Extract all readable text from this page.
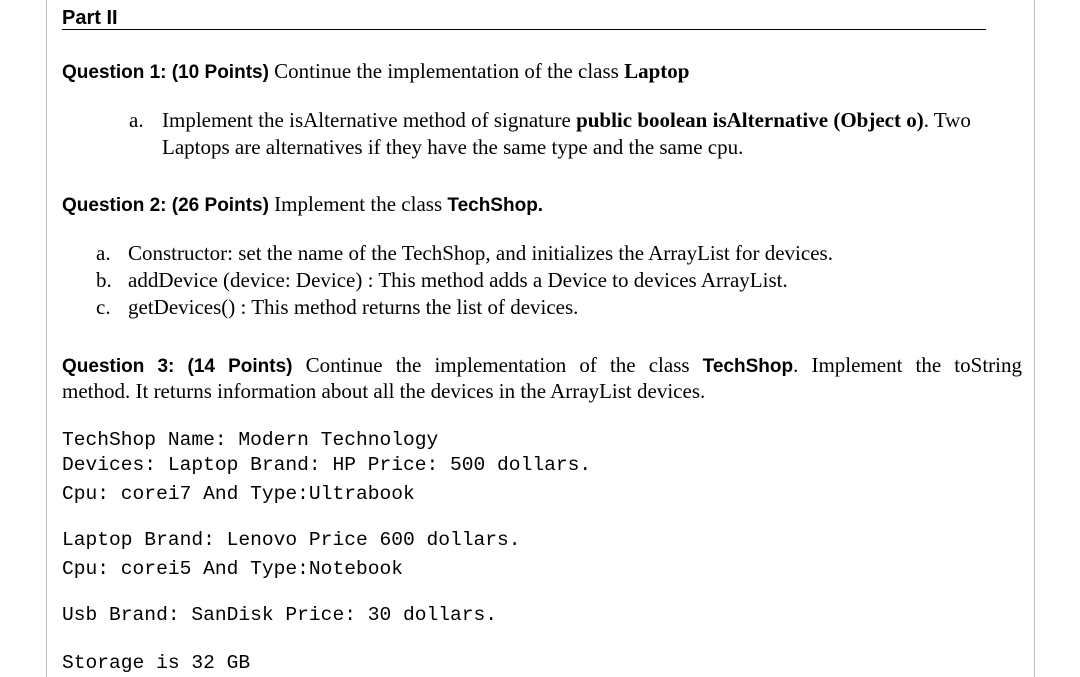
Part II
Question 1: (10 Points) Continue the implementation of the class Laptop
a. Implement the isAlternative method of signature public boolean isAlternative (Object o). Two
Laptops are alternatives if they have the same type and the same cpu.
Question 2: (26 Points) Implement the class TechShop.
a. Constructor: set the name of the TechShop, and initializes the ArrayList for devices.
b. addDevice (device: Device) : This method adds a Device to devices ArrayList.
c. getDevices() : This method returns the list of devices.
Question 3: (14 Points) Continue the implementation of the class TechShop. Implement the toString
method. It returns information about all the devices in the ArrayList devices.
TechShop Name: Modern Technology
Devices: Laptop Brand: HP Price: 500 dollars.
Cpu: corei7 And Type:Ultrabook
Laptop Brand: Lenovo Price 600 dollars.
Cpu: corei5 And Type:Notebook
Usb Brand: SanDisk Price: 30 dollars.
Storage is 32 GB
